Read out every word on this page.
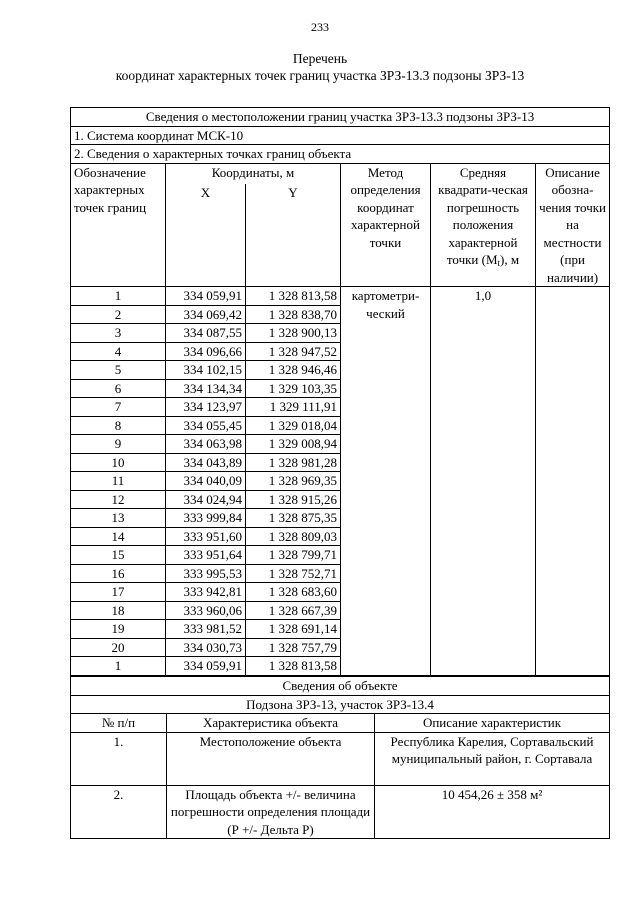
233
Перечень
координат характерных точек границ участка ЗРЗ-13.3 подзоны ЗРЗ-13
Сведения о местоположении границ участка ЗРЗ-13.3 подзоны ЗРЗ-13					
1. Система координат МСК-10					
2. Сведения о характерных точках границ объекта					
Обозначение характерных точек границ	Координаты, м		Метод определения координат характерной точки	Средняя квадрати-ческая погрешность положения характерной точки $(M_t)$, м	Описание обозна-чения точки на местности (при наличии)
	X	Y			
1	334 059,91	1 328 813,58	картометри-ческий	1,0	
2	334 069,42	1 328 838,70			
3	334 087,55	1 328 900,13			
4	334 096,66	1 328 947,52			
5	334 102,15	1 328 946,46			
6	334 134,34	1 329 103,35			
7	334 123,97	1 329 111,91			
8	334 055,45	1 329 018,04			
9	334 063,98	1 329 008,94			
10	334 043,89	1 328 981,28			
11	334 040,09	1 328 969,35			
12	334 024,94	1 328 915,26			
13	333 999,84	1 328 875,35			
14	333 951,60	1 328 809,03			
15	333 951,64	1 328 799,71			
16	333 995,53	1 328 752,71			
17	333 942,81	1 328 683,60			
18	333 960,06	1 328 667,39			
19	333 981,52	1 328 691,14			
20	334 030,73	1 328 757,79			
1	334 059,91	1 328 813,58			
Сведения об объекте		
Подзона ЗРЗ-13, участок ЗРЗ-13.4		
№ п/п	Характеристика объекта	Описание характеристик
1.	Местоположение объекта	Республика Карелия, Сортавальский муниципальный район, г. Сортавала
2.	Площадь объекта +/- величина погрешности определения площади (Р +/- Дельта Р)	10 454,26 ± 358 м²
